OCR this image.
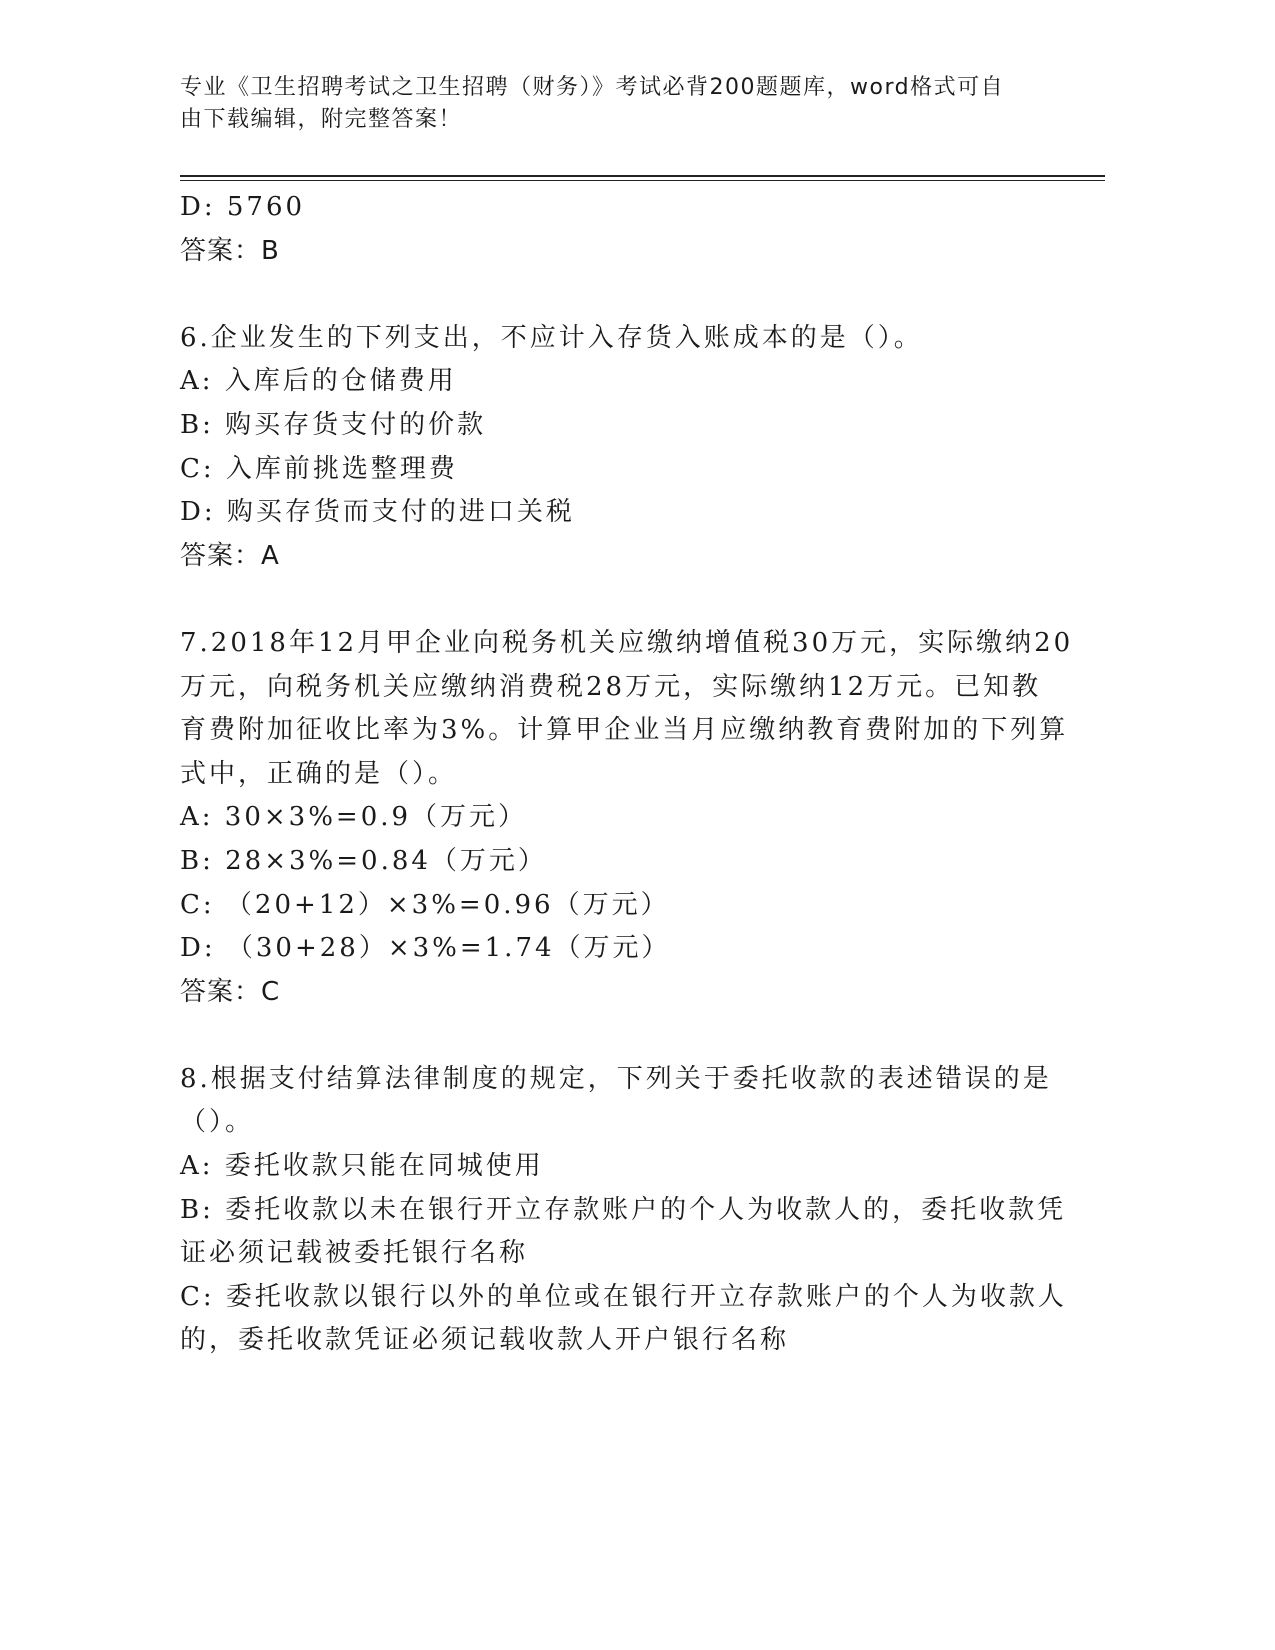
专业《卫生招聘考试之卫生招聘（财务）》考试必背200题题库，word格式可自
由下载编辑，附完整答案！
D: 5760
答案：B
6.企业发生的下列支出，不应计入存货入账成本的是（）。
A: 入库后的仓储费用
B: 购买存货支付的价款
C: 入库前挑选整理费
D: 购买存货而支付的进口关税
答案：A
7.2018年12月甲企业向税务机关应缴纳增值税30万元，实际缴纳20
万元，向税务机关应缴纳消费税28万元，实际缴纳12万元。已知教
育费附加征收比率为3%。计算甲企业当月应缴纳教育费附加的下列算
式中，正确的是（）。
A: 30×3%=0.9（万元）
B: 28×3%=0.84（万元）
C: （20+12）×3%=0.96（万元）
D: （30+28）×3%=1.74（万元）
答案：C
8.根据支付结算法律制度的规定，下列关于委托收款的表述错误的是
（）。
A: 委托收款只能在同城使用
B: 委托收款以未在银行开立存款账户的个人为收款人的，委托收款凭
证必须记载被委托银行名称
C: 委托收款以银行以外的单位或在银行开立存款账户的个人为收款人
的，委托收款凭证必须记载收款人开户银行名称
